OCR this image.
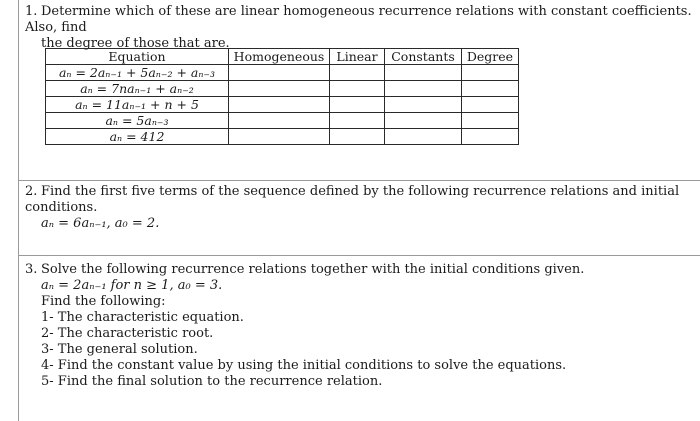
1. Determine which of these are linear homogeneous recurrence relations with constant coefficients. Also, find
the degree of those that are.
Equation	Homogeneous	Linear	Constants	Degree
aₙ = 2aₙ₋₁ + 5aₙ₋₂ + aₙ₋₃				
aₙ = 7naₙ₋₁ + aₙ₋₂				
aₙ = 11aₙ₋₁ + n + 5				
aₙ = 5aₙ₋₃				
aₙ = 412				
2. Find the first five terms of the sequence defined by the following recurrence relations and initial conditions.
aₙ = 6aₙ₋₁, a₀ = 2.
3. Solve the following recurrence relations together with the initial conditions given.
aₙ = 2aₙ₋₁ for n ≥ 1, a₀ = 3.
Find the following:
1- The characteristic equation.
2- The characteristic root.
3- The general solution.
4- Find the constant value by using the initial conditions to solve the equations.
5- Find the final solution to the recurrence relation.
